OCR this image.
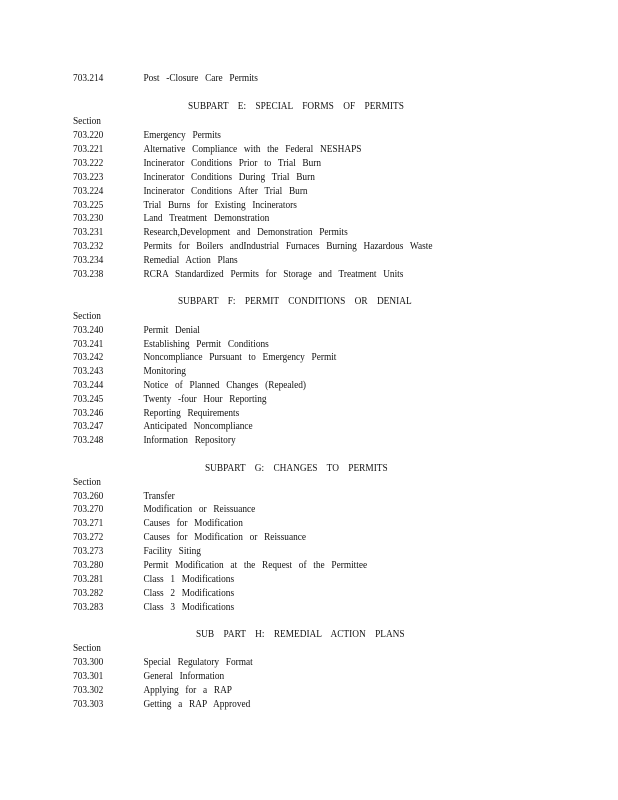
703.214	Post -Closure Care Permits
SUBPART E: SPECIAL FORMS OF PERMITS
Section
703.220	Emergency Permits
703.221	Alternative Compliance with the Federal NESHAPS
703.222	Incinerator Conditions Prior to Trial Burn
703.223	Incinerator Conditions During Trial Burn
703.224	Incinerator Conditions After Trial Burn
703.225	Trial Burns for Existing Incinerators
703.230	Land Treatment Demonstration
703.231	Research,Development and Demonstration Permits
703.232	Permits for Boilers andIndustrial Furnaces Burning Hazardous Waste
703.234	Remedial Action Plans
703.238	RCRA Standardized Permits for Storage and Treatment Units
SUBPART F: PERMIT CONDITIONS OR DENIAL
Section
703.240	Permit Denial
703.241	Establishing Permit Conditions
703.242	Noncompliance Pursuant to Emergency Permit
703.243	Monitoring
703.244	Notice of Planned Changes (Repealed)
703.245	Twenty -four Hour Reporting
703.246	Reporting Requirements
703.247	Anticipated Noncompliance
703.248	Information Repository
SUBPART G: CHANGES TO PERMITS
Section
703.260	Transfer
703.270	Modification or Reissuance
703.271	Causes for Modification
703.272	Causes for Modification or Reissuance
703.273	Facility Siting
703.280	Permit Modification at the Request of the Permittee
703.281	Class 1 Modifications
703.282	Class 2 Modifications
703.283	Class 3 Modifications
SUB PART H: REMEDIAL ACTION PLANS
Section
703.300	Special Regulatory Format
703.301	General Information
703.302	Applying for a RAP
703.303	Getting a RAP Approved
